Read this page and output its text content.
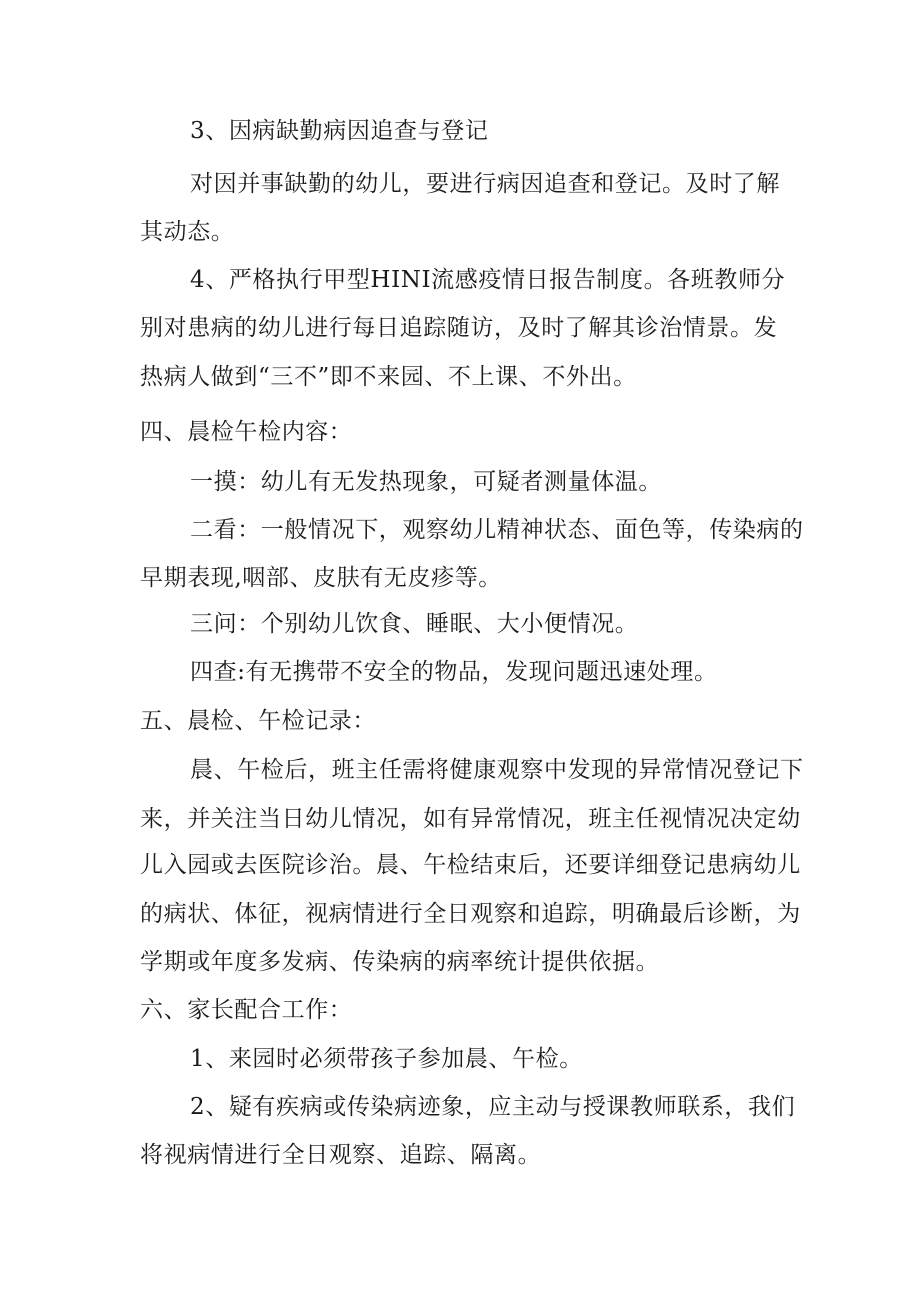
3、因病缺勤病因追查与登记
对因并事缺勤的幼儿，要进行病因追查和登记。及时了解
其动态。
4、严格执行甲型HINI流感疫情日报告制度。各班教师分
别对患病的幼儿进行每日追踪随访，及时了解其诊治情景。发
热病人做到“三不”即不来园、不上课、不外出。
四、晨检午检内容：
一摸：幼儿有无发热现象，可疑者测量体温。
二看：一般情况下，观察幼儿精神状态、面色等，传染病的
早期表现,咽部、皮肤有无皮疹等。
三问：个别幼儿饮食、睡眠、大小便情况。
四查:有无携带不安全的物品，发现问题迅速处理。
五、晨检、午检记录：
晨、午检后，班主任需将健康观察中发现的异常情况登记下
来，并关注当日幼儿情况，如有异常情况，班主任视情况决定幼
儿入园或去医院诊治。晨、午检结束后，还要详细登记患病幼儿
的病状、体征，视病情进行全日观察和追踪，明确最后诊断，为
学期或年度多发病、传染病的病率统计提供依据。
六、家长配合工作：
1、来园时必须带孩子参加晨、午检。
2、疑有疾病或传染病迹象，应主动与授课教师联系，我们
将视病情进行全日观察、追踪、隔离。
